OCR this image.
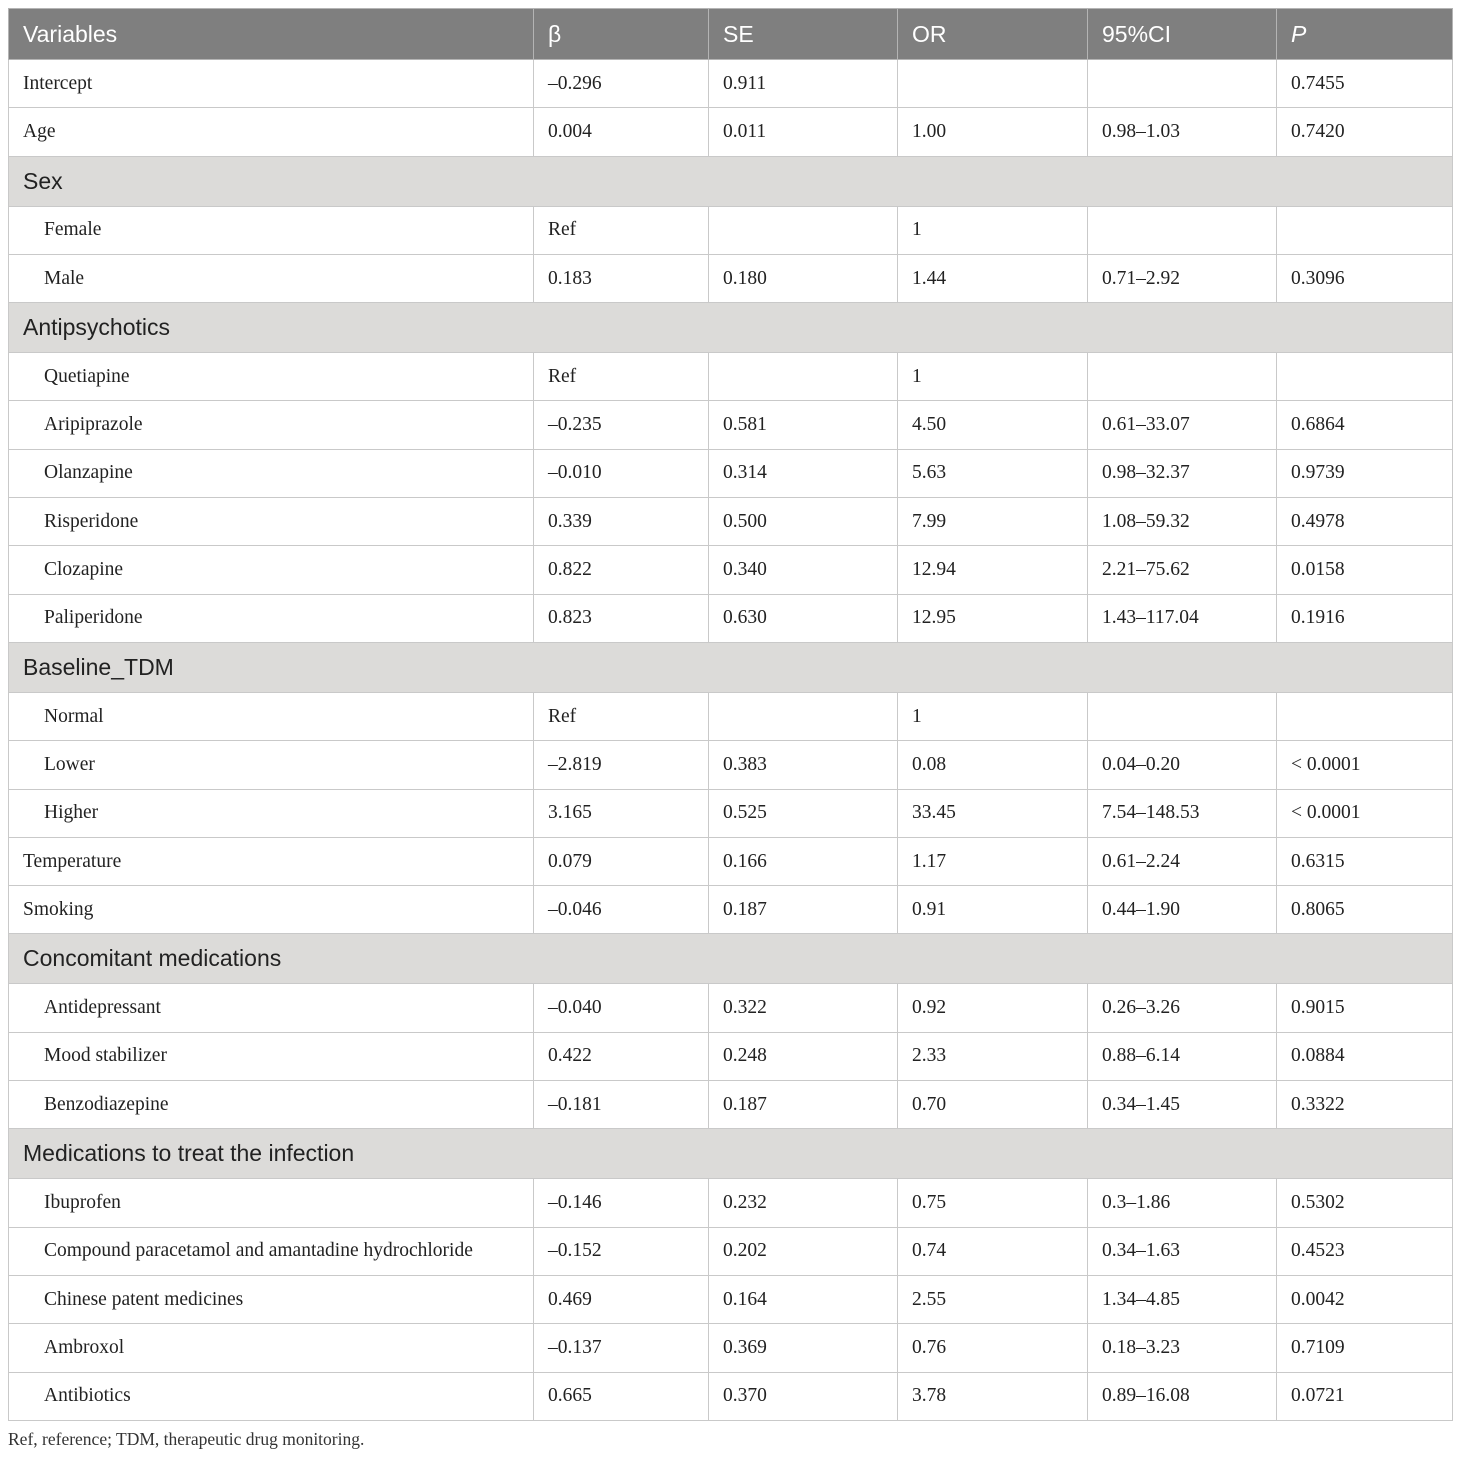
Variables	β	SE	OR	95%CI	P
Intercept	–0.296	0.911			0.7455
Age	0.004	0.011	1.00	0.98–1.03	0.7420
Sex					
Female	Ref		1		
Male	0.183	0.180	1.44	0.71–2.92	0.3096
Antipsychotics					
Quetiapine	Ref		1		
Aripiprazole	–0.235	0.581	4.50	0.61–33.07	0.6864
Olanzapine	–0.010	0.314	5.63	0.98–32.37	0.9739
Risperidone	0.339	0.500	7.99	1.08–59.32	0.4978
Clozapine	0.822	0.340	12.94	2.21–75.62	0.0158
Paliperidone	0.823	0.630	12.95	1.43–117.04	0.1916
Baseline_TDM					
Normal	Ref		1		
Lower	–2.819	0.383	0.08	0.04–0.20	< 0.0001
Higher	3.165	0.525	33.45	7.54–148.53	< 0.0001
Temperature	0.079	0.166	1.17	0.61–2.24	0.6315
Smoking	–0.046	0.187	0.91	0.44–1.90	0.8065
Concomitant medications					
Antidepressant	–0.040	0.322	0.92	0.26–3.26	0.9015
Mood stabilizer	0.422	0.248	2.33	0.88–6.14	0.0884
Benzodiazepine	–0.181	0.187	0.70	0.34–1.45	0.3322
Medications to treat the infection					
Ibuprofen	–0.146	0.232	0.75	0.3–1.86	0.5302
Compound paracetamol and amantadine hydrochloride	–0.152	0.202	0.74	0.34–1.63	0.4523
Chinese patent medicines	0.469	0.164	2.55	1.34–4.85	0.0042
Ambroxol	–0.137	0.369	0.76	0.18–3.23	0.7109
Antibiotics	0.665	0.370	3.78	0.89–16.08	0.0721
Ref, reference; TDM, therapeutic drug monitoring.
